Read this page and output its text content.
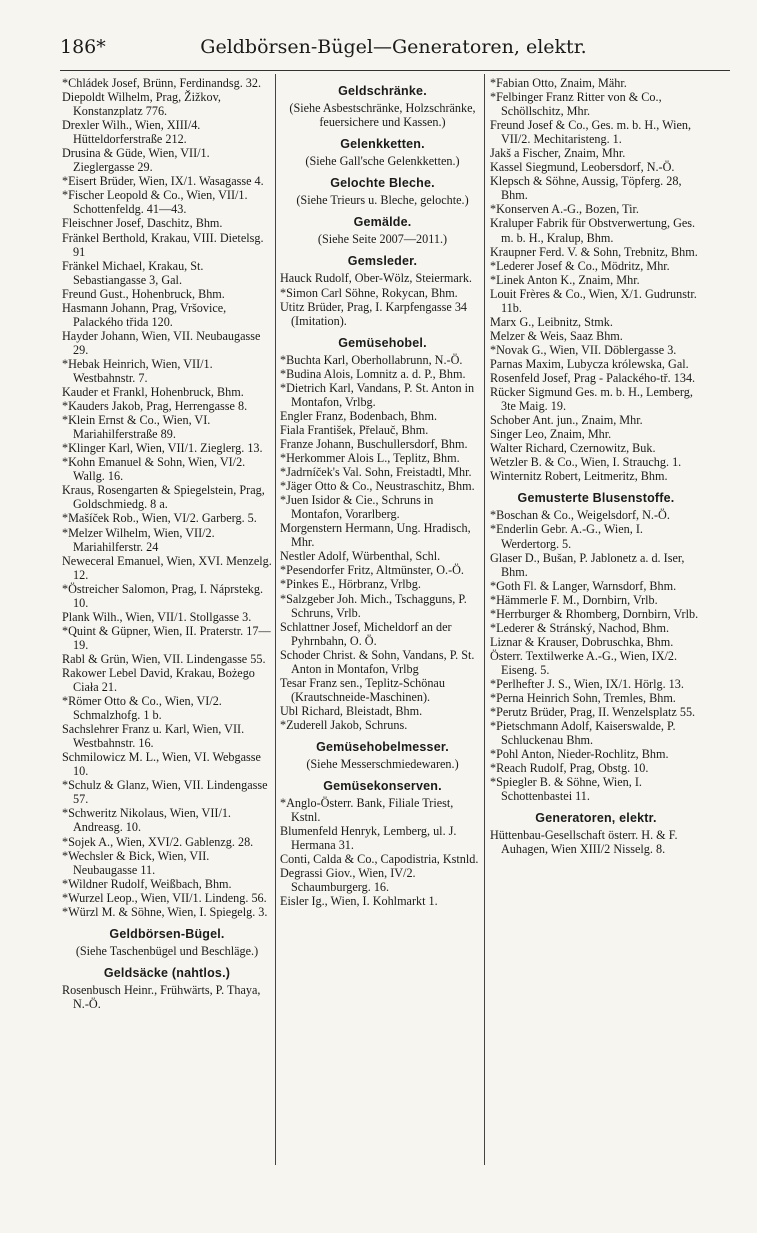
186*	Geldbörsen-Bügel—Generatoren, elektr.

*Chládek Josef, Brünn, Ferdinandsg. 32.

Diepoldt Wilhelm, Prag, Žižkov, Konstanzplatz 776.

Drexler Wilh., Wien, XIII/4. Hütteldorferstraße 212.

Drusina & Güde, Wien, VII/1. Zieglergasse 29.

*Eisert Brüder, Wien, IX/1. Wasagasse 4.

*Fischer Leopold & Co., Wien, VII/1. Schottenfeldg. 41—43.

Fleischner Josef, Daschitz, Bhm.

Fränkel Berthold, Krakau, VIII. Dietelsg. 91

Fränkel Michael, Krakau, St. Sebastiangasse 3, Gal.

Freund Gust., Hohenbruck, Bhm.

Hasmann Johann, Prag, Vršovice, Palackého třida 120.

Hayder Johann, Wien, VII. Neubaugasse 29.

*Hebak Heinrich, Wien, VII/1. Westbahnstr. 7.

Kauder et Frankl, Hohenbruck, Bhm.

*Kauders Jakob, Prag, Herrengasse 8.

*Klein Ernst & Co., Wien, VI. Mariahilferstraße 89.

*Klinger Karl, Wien, VII/1. Zieglerg. 13.

*Kohn Emanuel & Sohn, Wien, VI/2. Wallg. 16.

Kraus, Rosengarten & Spiegelstein, Prag, Goldschmiedg. 8 a.

*Mašíček Rob., Wien, VI/2. Garberg. 5.

*Melzer Wilhelm, Wien, VII/2. Mariahilferstr. 24

Neweceral Emanuel, Wien, XVI. Menzelg. 12.

*Östreicher Salomon, Prag, I. Náprstekg. 10.

Plank Wilh., Wien, VII/1. Stollgasse 3.

*Quint & Güpner, Wien, II. Praterstr. 17—19.

Rabl & Grün, Wien, VII. Lindengasse 55.

Rakower Lebel David, Krakau, Bożego Ciała 21.

*Römer Otto & Co., Wien, VI/2. Schmalzhofg. 1 b.

Sachslehrer Franz u. Karl, Wien, VII. Westbahnstr. 16.

Schmilowicz M. L., Wien, VI. Webgasse 10.

*Schulz & Glanz, Wien, VII. Lindengasse 57.

*Schweritz Nikolaus, Wien, VII/1. Andreasg. 10.

*Sojek A., Wien, XVI/2. Gablenzg. 28.

*Wechsler & Bick, Wien, VII. Neubaugasse 11.

*Wildner Rudolf, Weißbach, Bhm.

*Wurzel Leop., Wien, VII/1. Lindeng. 56.

*Würzl M. & Söhne, Wien, I. Spiegelg. 3.

Geldbörsen-Bügel.

(Siehe Taschenbügel und Beschläge.)

Geldsäcke (nahtlos.)

Rosenbusch Heinr., Frühwärts, P. Thaya, N.-Ö.

Geldschränke.

(Siehe Asbestschränke, Holzschränke, feuersichere und Kassen.)

Gelenkketten.

(Siehe Gall'sche Gelenkketten.)

Gelochte Bleche.

(Siehe Trieurs u. Bleche, gelochte.)

Gemälde.

(Siehe Seite 2007—2011.)

Gemsleder.

Hauck Rudolf, Ober-Wölz, Steiermark.

*Simon Carl Söhne, Rokycan, Bhm.

Utitz Brüder, Prag, I. Karpfengasse 34 (Imitation).

Gemüsehobel.

*Buchta Karl, Oberhollabrunn, N.-Ö.

*Budina Alois, Lomnitz a. d. P., Bhm.

*Dietrich Karl, Vandans, P. St. Anton in Montafon, Vrlbg.

Engler Franz, Bodenbach, Bhm.

Fiala František, Přelauč, Bhm.

Franze Johann, Buschullersdorf, Bhm.

*Herkommer Alois L., Teplitz, Bhm.

*Jadrníček's Val. Sohn, Freistadtl, Mhr.

*Jäger Otto & Co., Neustraschitz, Bhm.

*Juen Isidor & Cie., Schruns in Montafon, Vorarlberg.

Morgenstern Hermann, Ung. Hradisch, Mhr.

Nestler Adolf, Würbenthal, Schl.

*Pesendorfer Fritz, Altmünster, O.-Ö.

*Pinkes E., Hörbranz, Vrlbg.

*Salzgeber Joh. Mich., Tschagguns, P. Schruns, Vrlb.

Schlattner Josef, Micheldorf an der Pyhrnbahn, O. Ö.

Schoder Christ. & Sohn, Vandans, P. St. Anton in Montafon, Vrlbg

Tesar Franz sen., Teplitz-Schönau (Krautschneide-Maschinen).

Ubl Richard, Bleistadt, Bhm.

*Zuderell Jakob, Schruns.

Gemüsehobelmesser.

(Siehe Messerschmiedewaren.)

Gemüsekonserven.

*Anglo-Österr. Bank, Filiale Triest, Kstnl.

Blumenfeld Henryk, Lemberg, ul. J. Hermana 31.

Conti, Calda & Co., Capodistria, Kstnld.

Degrassi Giov., Wien, IV/2. Schaumburgerg. 16.

Eisler Ig., Wien, I. Kohlmarkt 1.

*Fabian Otto, Znaim, Mähr.

*Felbinger Franz Ritter von & Co., Schöllschitz, Mhr.

Freund Josef & Co., Ges. m. b. H., Wien, VII/2. Mechitaristeng. 1.

Jakš a Fischer, Znaim, Mhr.

Kassel Siegmund, Leobersdorf, N.-Ö.

Klepsch & Söhne, Aussig, Töpferg. 28, Bhm.

*Konserven A.-G., Bozen, Tir.

Kraluper Fabrik für Obstverwertung, Ges. m. b. H., Kralup, Bhm.

Kraupner Ferd. V. & Sohn, Trebnitz, Bhm.

*Lederer Josef & Co., Mödritz, Mhr.

*Linek Anton K., Znaim, Mhr.

Louit Frères & Co., Wien, X/1. Gudrunstr. 11b.

Marx G., Leibnitz, Stmk.

Melzer & Weis, Saaz Bhm.

*Novak G., Wien, VII. Döblergasse 3.

Parnas Maxim, Lubycza królewska, Gal.

Rosenfeld Josef, Prag - Palackého-tř. 134.

Rücker Sigmund Ges. m. b. H., Lemberg, 3te Maig. 19.

Schober Ant. jun., Znaim, Mhr.

Singer Leo, Znaim, Mhr.

Walter Richard, Czernowitz, Buk.

Wetzler B. & Co., Wien, I. Strauchg. 1.

Winternitz Robert, Leitmeritz, Bhm.

Gemusterte Blusenstoffe.

*Boschan & Co., Weigelsdorf, N.-Ö.

*Enderlin Gebr. A.-G., Wien, I. Werdertorg. 5.

Glaser D., Bušan, P. Jablonetz a. d. Iser, Bhm.

*Goth Fl. & Langer, Warnsdorf, Bhm.

*Hämmerle F. M., Dornbirn, Vrlb.

*Herrburger & Rhomberg, Dornbirn, Vrlb.

*Lederer & Stránský, Nachod, Bhm.

Liznar & Krauser, Dobruschka, Bhm.

Österr. Textilwerke A.-G., Wien, IX/2. Eiseng. 5.

*Perlhefter J. S., Wien, IX/1. Hörlg. 13.

*Perna Heinrich Sohn, Tremles, Bhm.

*Perutz Brüder, Prag, II. Wenzelsplatz 55.

*Pietschmann Adolf, Kaiserswalde, P. Schluckenau Bhm.

*Pohl Anton, Nieder-Rochlitz, Bhm.

*Reach Rudolf, Prag, Obstg. 10.

*Spiegler B. & Söhne, Wien, I. Schottenbastei 11.

Generatoren, elektr.

Hüttenbau-Gesellschaft österr. H. & F. Auhagen, Wien XIII/2 Nisselg. 8.
